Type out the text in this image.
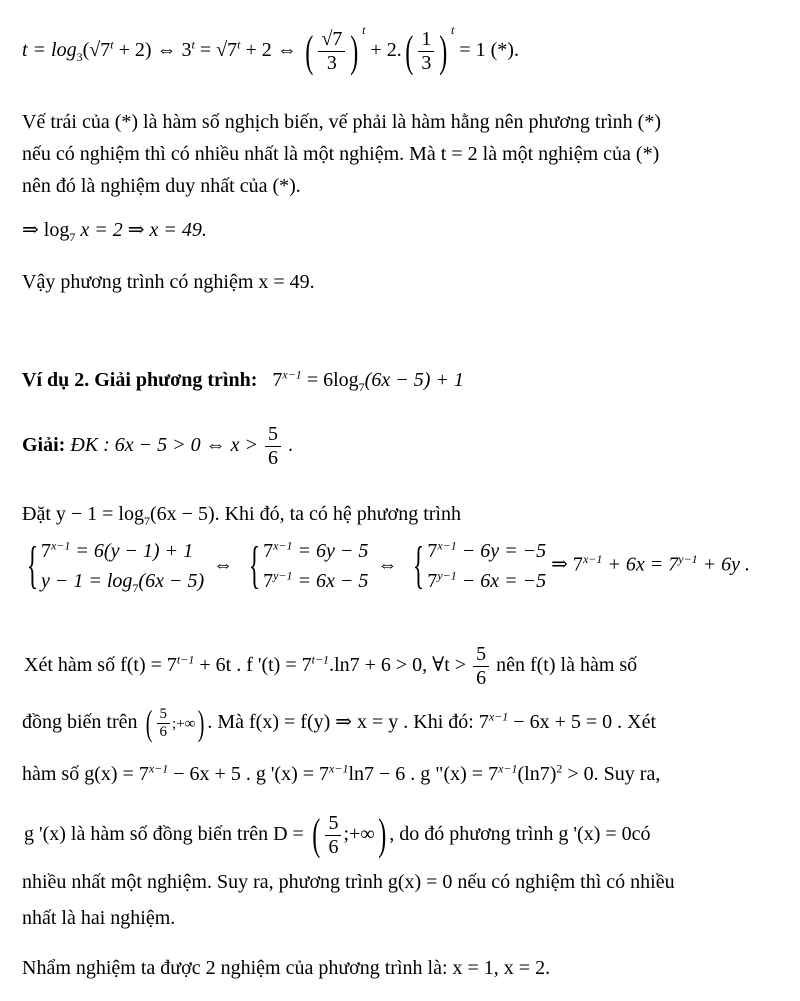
$t = \log_3(√7^t + 2)$ ⇔ $3^t = √7^t + 2$ ⇔ ( $\frac{√7}{3}$ ) $^t + 2.( \frac{1}{3}$ ) $^t$ = 1 (*).
Vế trái của (*) là hàm số nghịch biến, vế phải là hàm hằng nên phương trình (*)
nếu có nghiệm thì có nhiều nhất là một nghiệm. Mà t = 2 là một nghiệm của (*)
nên đó là nghiệm duy nhất của (*).
⇒ $\log_7 x = 2$ ⇒ x = 49.
Vậy phương trình có nghiệm x = 49.
Ví dụ 2. Giải phương trình: $7^{x-1} = 6\log_7(6x - 5) + 1$
Giải: ĐK : 6x − 5 > 0 ⇔ $x > \frac{5}{6}$ .
Đặt $y - 1 = \log_7(6x - 5)$. Khi đó, ta có hệ phương trình
{ $7^{x-1} = 6(y - 1) + 1$
$y - 1 = \log_7(6x - 5)$
⇔ { $7^{x-1} = 6y - 5$
$7^{y-1} = 6x - 5$
⇔ { $7^{x-1} - 6y = -5$
$7^{y-1} - 6x = -5$
⇒ $7^{x-1} + 6x = 7^{y-1} + 6y$ .
Xét hàm số $f(t) = 7^{t-1} + 6t$ . f '$(t) = 7^{t-1}.\ln 7 + 6 > 0$, ∀t > $\frac{5}{6}$ nên f(t) là hàm số
đồng biến trên ( $\frac{5}{6}$ ;+∞) . Mà f(x) = f(y) ⇒ x = y . Khi đó: $7^{x-1} - 6x + 5 = 0$ . Xét
hàm số $g(x) = 7^{x-1} - 6x + 5$ . g '$(x) = 7^{x-1}\ln 7 - 6$ . g "$(x) = 7^{x-1}(\ln 7)^2 > 0$. Suy ra,
g '(x) là hàm số đồng biến trên D = ( $\frac{5}{6}$ ;+∞) , do đó phương trình g '(x) = 0có
nhiều nhất một nghiệm. Suy ra, phương trình g(x) = 0 nếu có nghiệm thì có nhiều
nhất là hai nghiệm.
Nhẩm nghiệm ta được 2 nghiệm của phương trình là: x = 1, x = 2.
